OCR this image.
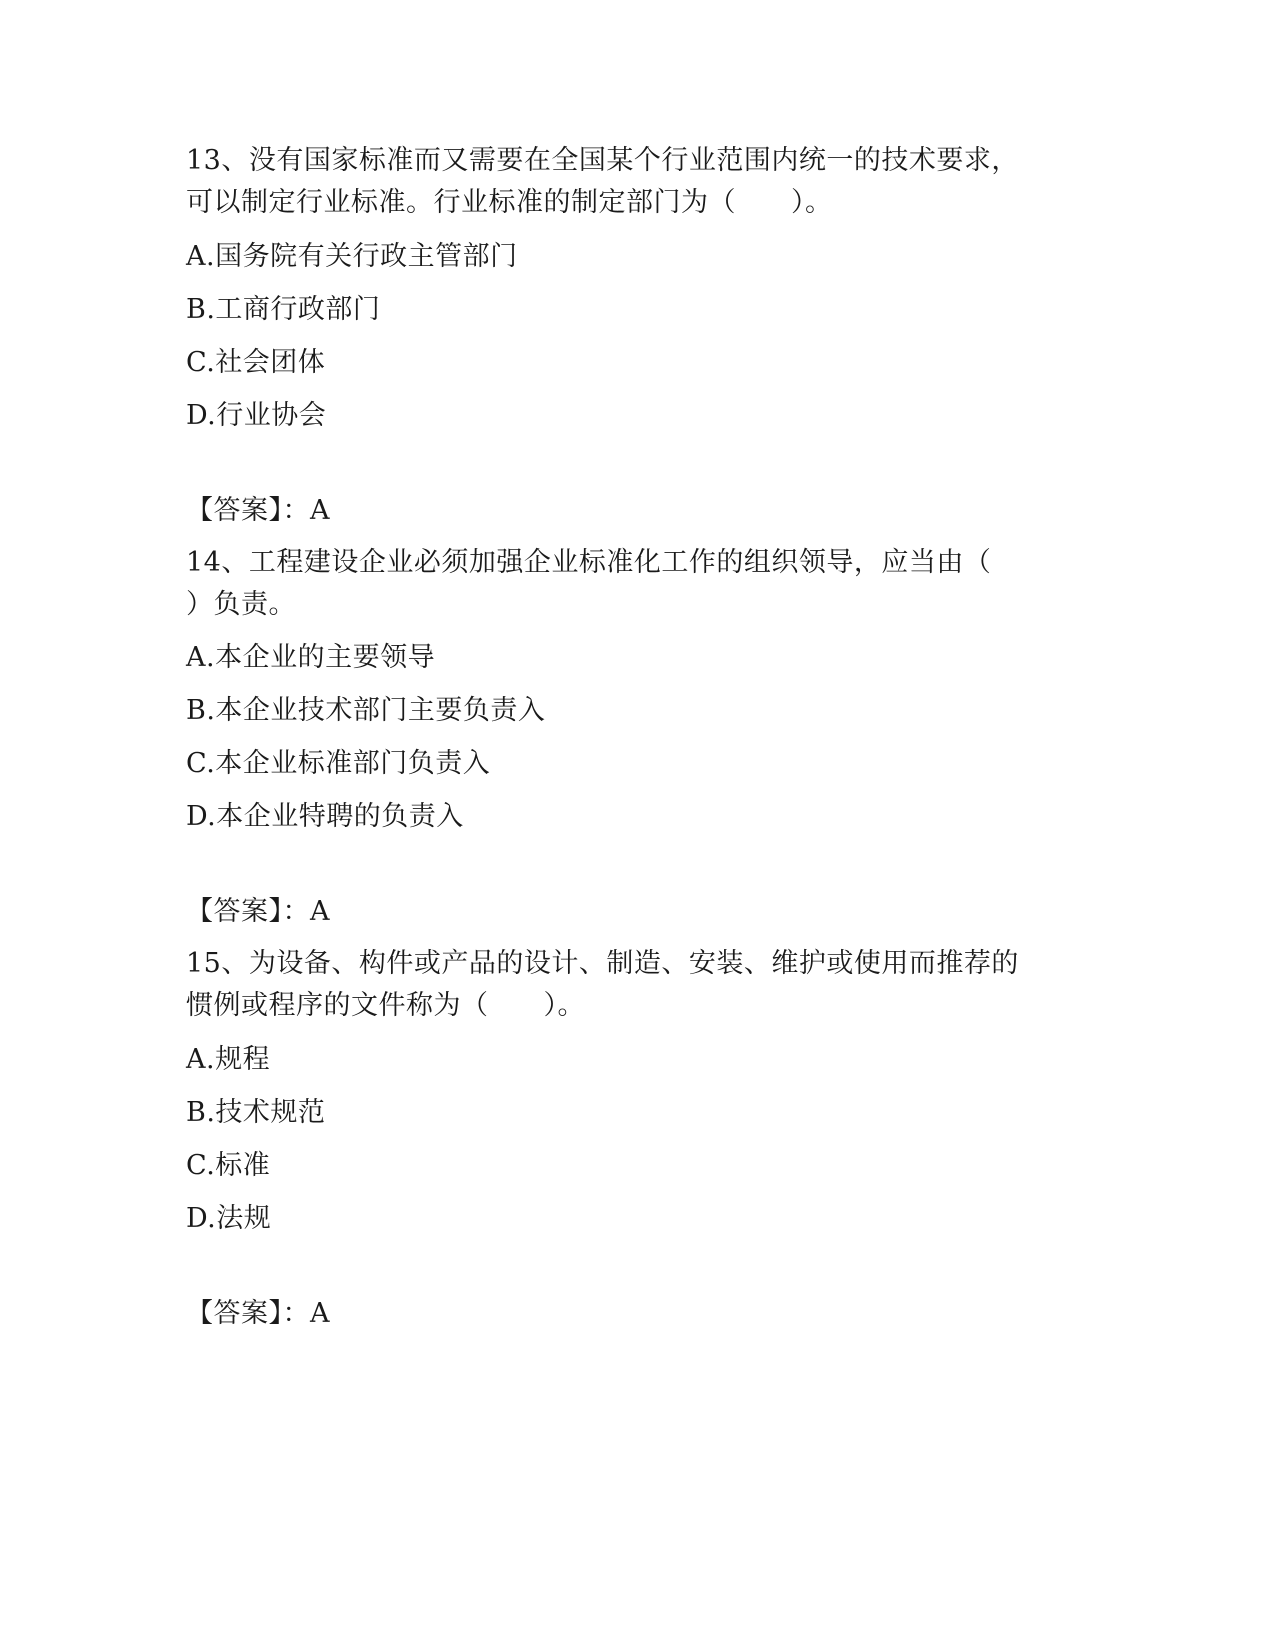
13、没有国家标准而又需要在全国某个行业范围内统一的技术要求，
可以制定行业标准。行业标准的制定部门为（　　）。
A.国务院有关行政主管部门
B.工商行政部门
C.社会团体
D.行业协会
【答案】：A
14、工程建设企业必须加强企业标准化工作的组织领导，应当由（
）负责。
A.本企业的主要领导
B.本企业技术部门主要负责入
C.本企业标准部门负责入
D.本企业特聘的负责入
【答案】：A
15、为设备、构件或产品的设计、制造、安装、维护或使用而推荐的
惯例或程序的文件称为（　　）。
A.规程
B.技术规范
C.标准
D.法规
【答案】：A
